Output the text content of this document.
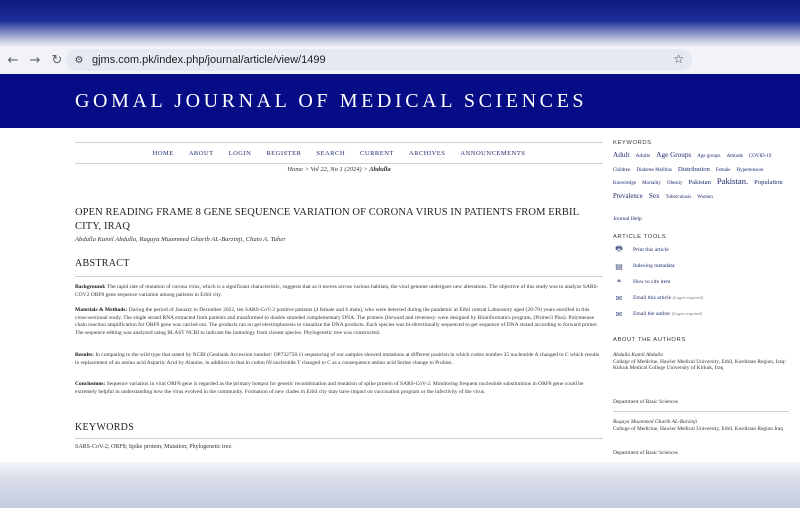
← → ↻	⚙ gjms.com.pk/index.php/journal/article/view/1499	☆
GOMAL JOURNAL OF MEDICAL SCIENCES
HOME ABOUT LOGIN REGISTER SEARCH CURRENT ARCHIVES ANNOUNCEMENTS
Home > Vol 22, No 1 (2024) > Abdulla
OPEN READING FRAME 8 GENE SEQUENCE VARIATION OF CORONA VIRUS IN PATIENTS FROM ERBIL CITY, IRAQ
Abdulla Kamil Abdulla, Ruqaya Muammed Gharib AL-Barzinji, Chato A. Taher
ABSTRACT
Background: The rapid rate of mutation of corona virus, which is a significant characteristic, suggests that as it moves across various habitats, the viral genome undergoes new alterations. The objective of this study was to analyze SARS-COV2 ORF8 gene sequence variation among patients in Erbil city.
Materials & Methods: During the period of January to December 2022, ten SARS-CoV-2 positive patients (4 female and 6 male), who were detected during the pandemic at Erbil central Laboratory aged (20-70) years enrolled in this cross-sectional study. The single strand RNA extracted from patients and transformed to double stranded complementary DNA. The primers (forward and reverses)- were designed by Bioinformatics program, (Primer3 Plus). Polymerase chain reaction amplification for ORF8 gene was carried out. The products ran on gel electrophoresis to visualize the DNA products. Each species was bi-directionally sequenced to get sequence of DNA strand according to forward primer. The sequence editing was analyzed using BLAST NCBI to indicate the homology from closest species. Phylogenetic tree was constructed.
Results: In comparing to the wild type that stated by NCBI (Genbank Accession number: OP732758.1) sequencing of our samples showed mutations at different position in which codon number 35 nucleotide A changed to C which results in replacement of an amino acid Aspartic Acid by Alanine, in addition to that in codon 69 nucleotide T changed to C as a consequence amino acid Serine change to Proline..
Conclusions: Sequence variation in viral ORF8 gene is regarded as the primary hotspot for genetic recombination and mutation of spike protein of SARS-CoV-2. Monitoring frequent nucleotide substitutions in ORF8 gene could be extremely helpful in understanding how the virus evolved in the community. Formation of new clades in Erbil city may have impact on vaccination program or the infectivity of the virus.
KEYWORDS
SARS-CoV-2; ORF8; Spike protein; Mutation; Phylogenetic tree.
KEYWORDS
Adult Adults Age Groups Age groups Attitude COVID-19 Children Diabetes Mellitus Distribution Female Hypertension Knowledge Mortality Obesity Pakistan Pakistan. Population Prevalence Sex Tuberculosis Women
Journal Help
ARTICLE TOOLS
🖶	Print this article
▤	Indexing metadata
❝	How to cite item
✉	Email this article (Login required)
✉	Email the author (Login required)
ABOUT THE AUTHORS
Abdulla Kamil Abdulla
College of Medicine, Hawler Medical University, Erbil, Kurdistan Region, Iraq/ Kirkuk Medical College University of Kirkuk, Iraq
Department of Basic Sciences
Ruqaya Muammed Gharib AL-Barzinji
College of Medicine, Hawler Medical University, Erbil, Kurdistan Region Iraq
Department of Basic Sciences
